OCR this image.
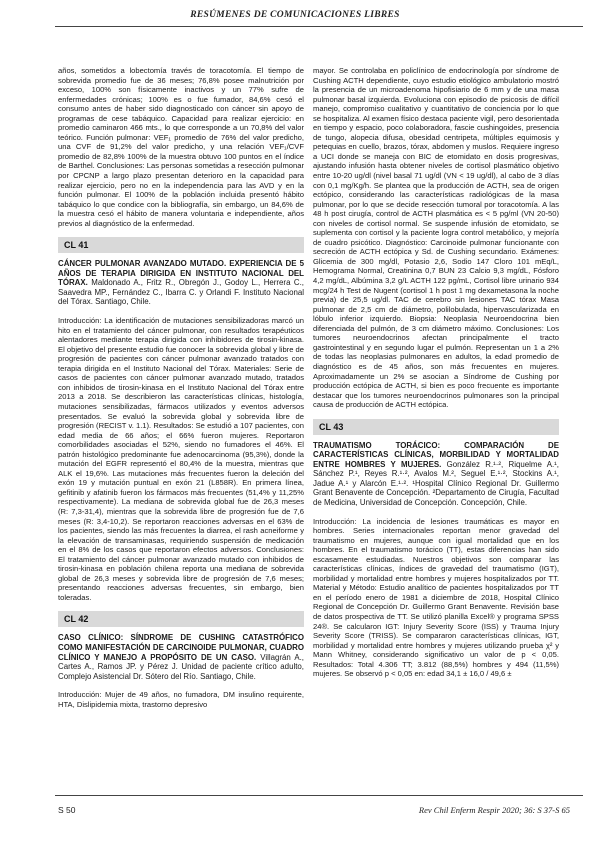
RESÚMENES DE COMUNICACIONES LIBRES

años, sometidos a lobectomía través de toracotomía. El tiempo de sobrevida promedio fue de 36 meses; 76,8% posee malnutrición por exceso, 100% son físicamente inactivos y un 77% sufre de enfermedades crónicas; 100% es o fue fumador, 84,6% cesó el consumo antes de haber sido diagnosticado con cáncer sin apoyo de programas de cese tabáquico. Capacidad para realizar ejercicio: en promedio caminaron 466 mts., lo que corresponde a un 70,8% del valor teórico. Función pulmonar: VEF₁ promedio de 76% del valor predicho, una CVF de 91,2% del valor predicho, y una relación VEF₁/CVF promedio de 82,8% 100% de la muestra obtuvo 100 puntos en el índice de Barthel. Conclusiones: Las personas sometidas a resección pulmonar por CPCNP a largo plazo presentan deterioro en la capacidad para realizar ejercicio, pero no en la independencia para las AVD y en la función pulmonar. El 100% de la población incluida presentó hábito tabáquico lo que condice con la bibliografía, sin embargo, un 84,6% de la muestra cesó el hábito de manera voluntaria e independiente, años previos al diagnóstico de la enfermedad.

CL 41

CÁNCER PULMONAR AVANZADO MUTADO. EXPERIENCIA DE 5 AÑOS DE TERAPIA DIRIGIDA EN INSTITUTO NACIONAL DEL TÓRAX. Maldonado A., Fritz R., Obregón J., Godoy L., Herrera C., Saavedra MP., Fernández C., Ibarra C. y Orlandi F. Instituto Nacional del Tórax. Santiago, Chile.

Introducción: La identificación de mutaciones sensibilizadoras marcó un hito en el tratamiento del cáncer pulmonar, con resultados terapéuticos alentadores mediante terapia dirigida con inhibidores de tirosin-kinasa. El objetivo del presente estudio fue conocer la sobrevida global y libre de progresión de pacientes con cáncer pulmonar avanzado tratados con terapia dirigida en el Instituto Nacional del Tórax. Materiales: Serie de casos de pacientes con cáncer pulmonar avanzado mutado, tratados con inhibidos de tirosin-kinasa en el Instituto Nacional del Tórax entre 2013 a 2018. Se describieron las características clínicas, histología, mutaciones sensibilizadas, fármacos utilizados y eventos adversos presentados. Se evaluó la sobrevida global y sobrevida libre de progresión (RECIST v. 1.1). Resultados: Se estudió a 107 pacientes, con edad media de 66 años; el 66% fueron mujeres. Reportaron comorbilidades asociadas el 52%, siendo no fumadores el 46%. El patrón histológico predominante fue adenocarcinoma (95,3%), donde la mutación del EGFR representó el 80,4% de la muestra, mientras que ALK el 19,6%. Las mutaciones más frecuentes fueron la deleción del exón 19 y mutación puntual en exón 21 (L858R). En primera línea, gefitinib y afatinib fueron los fármacos más frecuentes (51,4% y 11,25% respectivamente). La mediana de sobrevida global fue de 26,3 meses (R: 7,3-31,4), mientras que la sobrevida libre de progresión fue de 7,6 meses (R: 3,4-10,2). Se reportaron reacciones adversas en el 63% de los pacientes, siendo las más frecuentes la diarrea, el rash acneiforme y la elevación de transaminasas, requiriendo suspensión de medicación en el 8% de los casos que reportaron efectos adversos. Conclusiones: El tratamiento del cáncer pulmonar avanzado mutado con inhibidos de tirosin-kinasa en población chilena reporta una mediana de sobrevida global de 26,3 meses y sobrevida libre de progresión de 7,6 meses; presentando reacciones adversas frecuentes, sin embargo, bien toleradas.

CL 42

CASO CLÍNICO: SÍNDROME DE CUSHING CATASTRÓFICO COMO MANIFESTACIÓN DE CARCINOIDE PULMONAR, CUADRO CLÍNICO Y MANEJO A PROPÓSITO DE UN CASO. Villagrán A., Cartes A., Ramos JP. y Pérez J. Unidad de paciente crítico adulto, Complejo Asistencial Dr. Sótero del Río. Santiago, Chile.

Introducción: Mujer de 49 años, no fumadora, DM insulino requirente, HTA, Dislipidemia mixta, trastorno depresivo

mayor. Se controlaba en policlínico de endocrinología por síndrome de Cushing ACTH dependiente, cuyo estudio etiológico ambulatorio mostró la presencia de un microadenoma hipofisiario de 6 mm y de una masa pulmonar basal izquierda. Evoluciona con episodio de psicosis de difícil manejo, compromiso cualitativo y cuantitativo de conciencia por lo que se hospitaliza. Al examen físico destaca paciente vigil, pero desorientada en tiempo y espacio, poco colaboradora, fascie cushingoides, presencia de tungo, alopecia difusa, obesidad centripeta, múltiples equimosis y petequias en cuello, brazos, tórax, abdomen y muslos. Requiere ingreso a UCI donde se maneja con BIC de etomidato en dosis progresivas, ajustando infusión hasta obtener niveles de cortisol plasmático objetivo entre 10-20 ug/dl (nivel basal 71 ug/dl (VN < 19 ug/dl), al cabo de 3 días con 0,1 mg/Kg/h. Se plantea que la producción de ACTH, sea de origen ectópico, considerando las características radiológicas de la masa pulmonar, por lo que se decide resección tumoral por toracotomía. A las 48 h post cirugía, control de ACTH plasmática es < 5 pg/ml (VN 20-50) con niveles de cortisol normal. Se suspende infusión de etomidato, se suplementa con cortisol y la paciente logra control metabólico, y mejoría de cuadro psicótico. Diagnóstico: Carcinoide pulmonar funcionante con secreción de ACTH ectópica y Sd. de Cushing secundario. Exámenes: Glicemia de 300 mg/dl, Potasio 2,6, Sodio 147 Cloro 101 mEq/L, Hemograma Normal, Creatinina 0,7 BUN 23 Calcio 9,3 mg/dL, Fósforo 4,2 mg/dL, Albúmina 3,2 g/L ACTH 122 pg/mL, Cortisol libre urinario 934 mcg/24 h Test de Nugent (cortisol 1 h post 1 mg dexametasona la noche previa) de 25,5 ug/dl. TAC de cerebro sin lesiones TAC tórax Masa pulmonar de 2,5 cm de diámetro, polilobulada, hipervascularizada en lóbulo inferior izquierdo. Biopsia: Neoplasia Neuroendocrina bien diferenciada del pulmón, de 3 cm diámetro máximo. Conclusiones: Los tumores neuroendocrinos afectan principalmente el tracto gastrointestinal y en segundo lugar el pulmón. Representan un 1 a 2% de todas las neoplasias pulmonares en adultos, la edad promedio de diagnóstico es de 45 años, son más frecuentes en mujeres. Aproximadamente un 2% se asocian a Síndrome de Cushing por producción ectópica de ACTH, si bien es poco frecuente es importante destacar que los tumores neuroendocrinos pulmonares son la principal causa de producción de ACTH ectópica.

CL 43

TRAUMATISMO TORÁCICO: COMPARACIÓN DE CARACTERÍSTICAS CLÍNICAS, MORBILIDAD Y MORTALIDAD ENTRE HOMBRES Y MUJERES. González R.¹·², Riquelme A.¹, Sánchez P.¹, Reyes R.¹·², Avalos M.², Seguel E.¹·², Stockins A.¹, Jadue A.¹ y Alarcón E.¹·². ¹Hospital Clínico Regional Dr. Guillermo Grant Benavente de Concepción. ²Departamento de Cirugía, Facultad de Medicina, Universidad de Concepción. Concepción, Chile.

Introducción: La incidencia de lesiones traumáticas es mayor en hombres. Series internacionales reportan menor gravedad del traumatismo en mujeres, aunque con igual mortalidad que en los hombres. En el traumatismo torácico (TT), estas diferencias han sido escasamente estudiadas. Nuestros objetivos son comparar las características clínicas, índices de gravedad del traumatismo (IGT), morbilidad y mortalidad entre hombres y mujeres hospitalizados por TT. Material y Método: Estudio analítico de pacientes hospitalizados por TT en el período enero de 1981 a diciembre de 2018, Hospital Clínico Regional de Concepción Dr. Guillermo Grant Benavente. Revisión base de datos prospectiva de TT. Se utilizó planilla Excel® y programa SPSS 24®. Se calcularon IGT: Injury Severity Score (ISS) y Trauma Injury Severity Score (TRISS). Se compararon características clínicas, IGT, morbilidad y mortalidad entre hombres y mujeres utilizando prueba χ² y Mann Whitney, considerando significativo un valor de p < 0,05. Resultados: Total 4.306 TT; 3.812 (88,5%) hombres y 494 (11,5%) mujeres. Se observó p < 0,05 en: edad 34,1 ± 16,0 / 49,6 ±

S 50	Rev Chil Enferm Respir 2020; 36: S 37-S 65
